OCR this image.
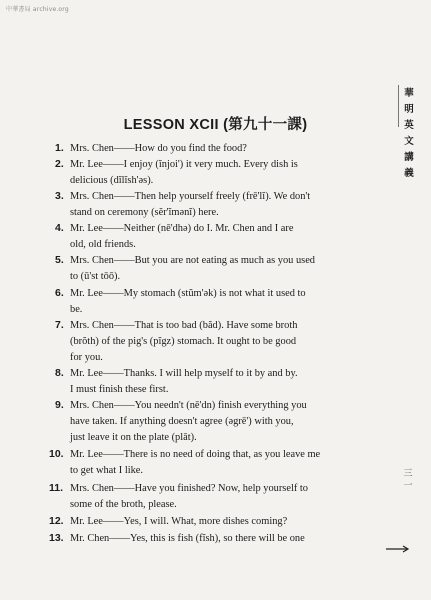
中華書局 archive.org
華
明
英
文
講
義
LESSON XCII (第九十一課)
1. Mrs. Chen——How do you find the food?
2. Mr. Lee——I enjoy (ĭnjoi') it very much. Every dish is
delicious (dĭlĭsh'əs).
3. Mrs. Chen——Then help yourself freely (frē'lĭ). We don't
stand on ceremony (sĕr'ĭmənĭ) here.
4. Mr. Lee——Neither (nē'dhə) do I. Mr. Chen and I are
old, old friends.
5. Mrs. Chen——But you are not eating as much as you used
to (ū'st tōō).
6. Mr. Lee——My stomach (stŭm'ək) is not what it used to
be.
7. Mrs. Chen——That is too bad (băd). Have some broth
(brŏth) of the pig's (pĭgz) stomach. It ought to be good
for you.
8. Mr. Lee——Thanks. I will help myself to it by and by.
I must finish these first.
9. Mrs. Chen——You needn't (nē'dn) finish everything you
have taken. If anything doesn't agree (əgrē') with you,
just leave it on the plate (plāt).
10. Mr. Lee——There is no need of doing that, as you leave me
to get what I like.
11. Mrs. Chen——Have you finished? Now, help yourself to
some of the broth, please.
12. Mr. Lee——Yes, I will. What, more dishes coming?
13. Mr. Chen——Yes, this is fish (fĭsh), so there will be one
三
一
